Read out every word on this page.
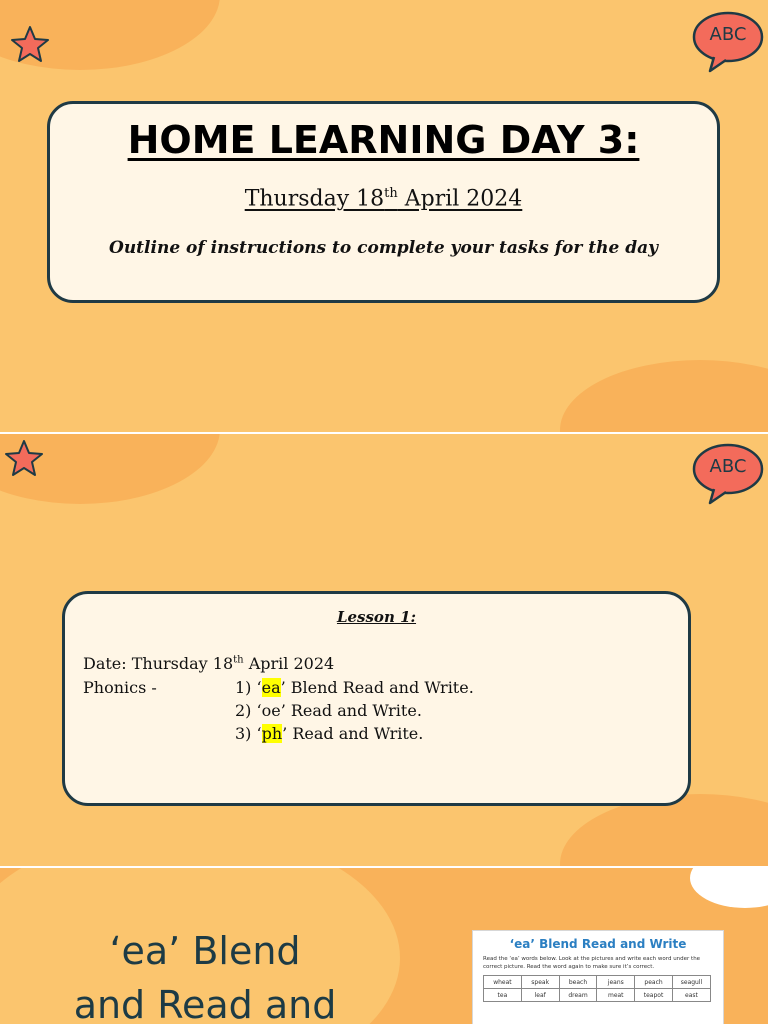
ABC
HOME LEARNING DAY 3:
Thursday 18th April 2024
Outline of instructions to complete your tasks for the day
ABC
Lesson 1:
Date: Thursday 18th April 2024
Phonics -	1) ‘ea’ Blend Read and Write.
2) ‘oe’ Read and Write.
3) ‘ph’ Read and Write.
‘ea’ Blend
and Read and
‘ea’ Blend Read and Write
Read the ‘ea’ words below. Look at the pictures and write each word under the correct picture. Read the word again to make sure it’s correct.
wheat	speak	beach	jeans	peach	seagull
tea	leaf	dream	meat	teapot	east
